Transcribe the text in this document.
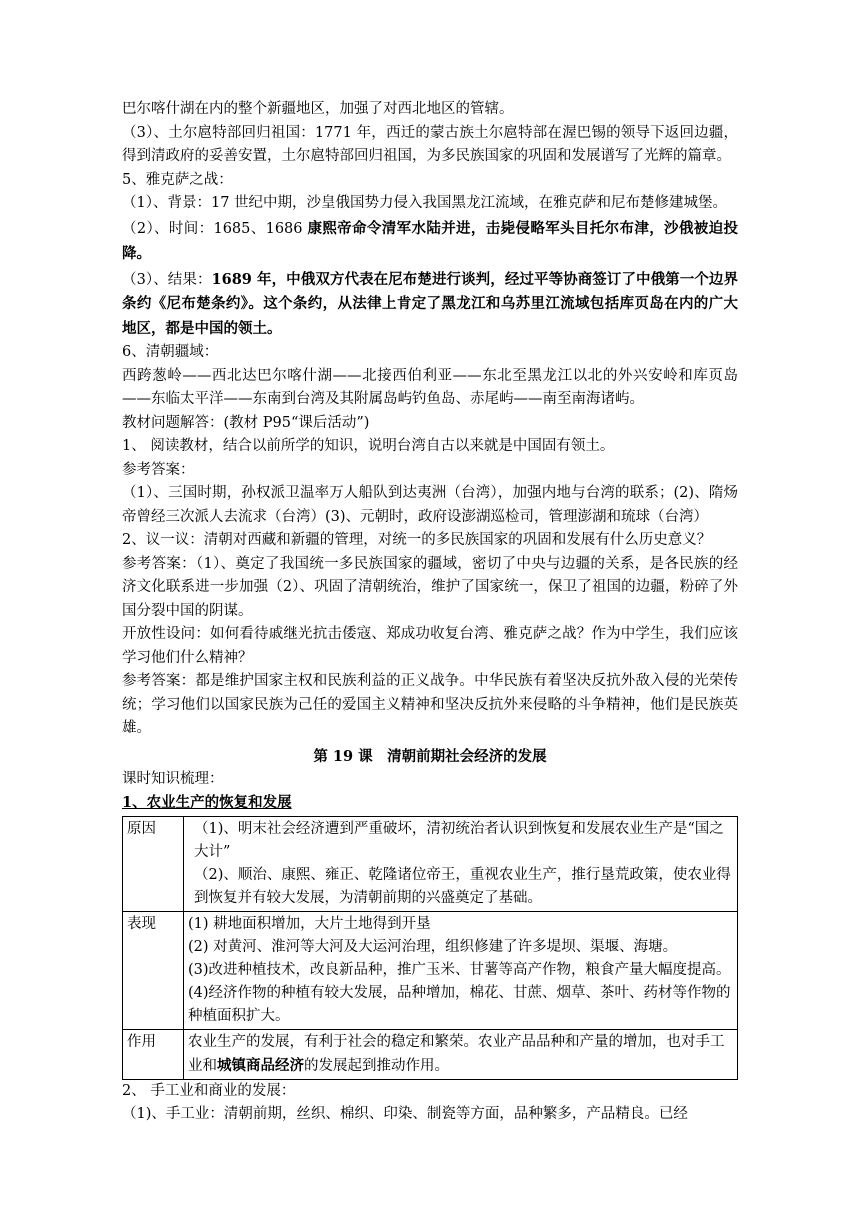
巴尔喀什湖在内的整个新疆地区，加强了对西北地区的管辖。

（3）、土尔扈特部回归祖国：1771 年，西迁的蒙古族土尔扈特部在渥巴锡的领导下返回边疆，得到清政府的妥善安置，土尔扈特部回归祖国，为多民族国家的巩固和发展谱写了光辉的篇章。

5、雅克萨之战：

（1）、背景：17 世纪中期，沙皇俄国势力侵入我国黑龙江流域，在雅克萨和尼布楚修建城堡。

（2）、时间：1685、1686 康熙帝命令清军水陆并进，击毙侵略军头目托尔布津，沙俄被迫投降。

（3）、结果：1689 年，中俄双方代表在尼布楚进行谈判，经过平等协商签订了中俄第一个边界条约《尼布楚条约》。这个条约，从法律上肯定了黑龙江和乌苏里江流域包括库页岛在内的广大地区，都是中国的领土。

6、清朝疆域：

西跨葱岭——西北达巴尔喀什湖——北接西伯利亚——东北至黑龙江以北的外兴安岭和库页岛——东临太平洋——东南到台湾及其附属岛屿钓鱼岛、赤尾屿——南至南海诸屿。

教材问题解答：(教材 P95“课后活动”)

1、 阅读教材，结合以前所学的知识，说明台湾自古以来就是中国固有领土。

参考答案：

（1）、三国时期，孙权派卫温率万人船队到达夷洲（台湾），加强内地与台湾的联系；(2)、隋炀帝曾经三次派人去流求（台湾）(3)、元朝时，政府设澎湖巡检司，管理澎湖和琉球（台湾）

2、议一议：清朝对西藏和新疆的管理，对统一的多民族国家的巩固和发展有什么历史意义？

参考答案：（1）、奠定了我国统一多民族国家的疆域，密切了中央与边疆的关系，是各民族的经济文化联系进一步加强（2）、巩固了清朝统治，维护了国家统一，保卫了祖国的边疆，粉碎了外国分裂中国的阴谋。

开放性设问：如何看待戚继光抗击倭寇、郑成功收复台湾、雅克萨之战？作为中学生，我们应该学习他们什么精神？

参考答案：都是维护国家主权和民族利益的正义战争。中华民族有着坚决反抗外敌入侵的光荣传统；学习他们以国家民族为己任的爱国主义精神和坚决反抗外来侵略的斗争精神，他们是民族英雄。

第 19 课　清朝前期社会经济的发展

课时知识梳理：

1、农业生产的恢复和发展

原因	（1)、明末社会经济遭到严重破坏，清初统治者认识到恢复和发展农业生产是“国之大计”
（2)、顺治、康熙、雍正、乾隆诸位帝王，重视农业生产，推行垦荒政策，使农业得到恢复并有较大发展，为清朝前期的兴盛奠定了基础。

表现	(1) 耕地面积增加，大片土地得到开垦
(2) 对黄河、淮河等大河及大运河治理，组织修建了许多堤坝、渠堰、海塘。
(3)改进种植技术，改良新品种，推广玉米、甘薯等高产作物，粮食产量大幅度提高。(4)经济作物的种植有较大发展，品种增加，棉花、甘蔗、烟草、茶叶、药材等作物的种植面积扩大。

作用	农业生产的发展，有利于社会的稳定和繁荣。农业产品品种和产量的增加，也对手工业和城镇商品经济的发展起到推动作用。

2、 手工业和商业的发展：

（1)、手工业：清朝前期，丝织、棉织、印染、制瓷等方面，品种繁多，产品精良。已经
